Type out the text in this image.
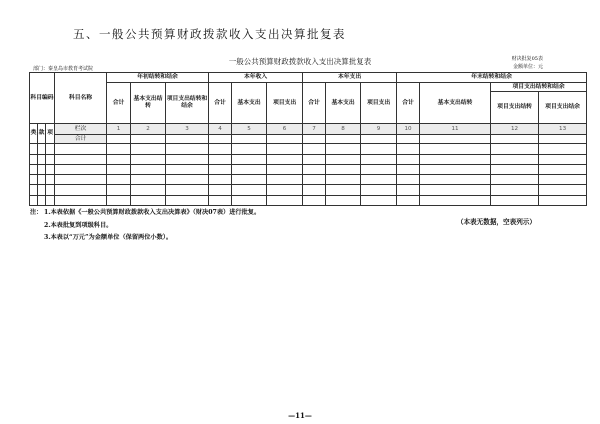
五、一般公共预算财政拨款收入支出决算批复表
一般公共预算财政拨款收入支出决算批复表	财决批复05表
金额单位：元
部门：秦皇岛市教育考试院
科目编码			科目名称	年初结转和结余			本年收入			本年支出			年末结转和结余			
				合计	基本支出结转	项目支出结转和结余	合计	基本支出	项目支出	合计	基本支出	项目支出	合计	基本支出结转	项目支出结转和结余	
															项目支出结转	项目支出结余
类	款	项	栏次	1	2	3	4	5	6	7	8	9	10	11	12	13
			合计													

注： 1.本表依据《一般公共预算财政拨款收入支出决算表》（财决07表）进行批复。
2.本表批复到项级科目。
3.本表以“万元”为金额单位（保留两位小数）。
（本表无数据，空表列示）
—11—
